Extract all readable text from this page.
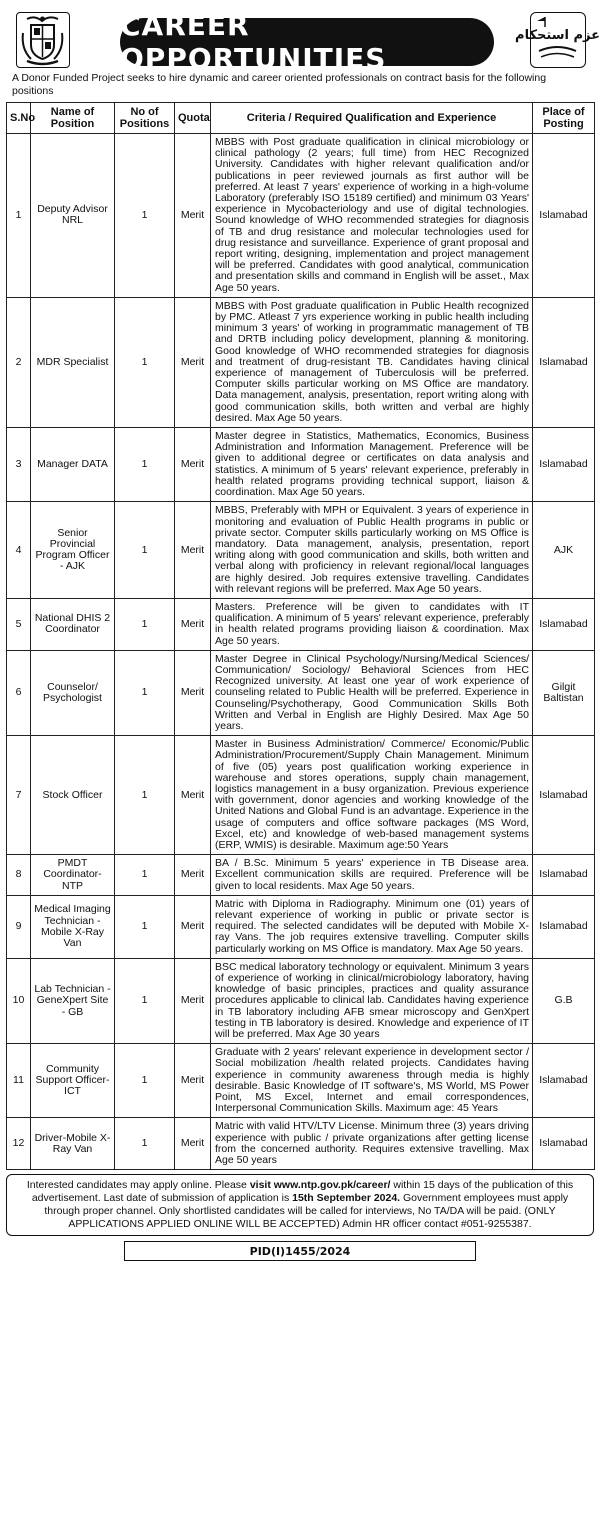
CAREER OPPORTUNITIES
عزم استحکام
A Donor Funded Project seeks to hire dynamic and career oriented professionals on contract basis for the following positions
S.No	Name of Position	No of Positions	Quota	Criteria / Required Qualification and Experience	Place of Posting
1	Deputy Advisor NRL	1	Merit	MBBS with Post graduate qualification in clinical microbiology or clinical pathology (2 years; full time) from HEC Recognized University. Candidates with higher relevant qualification and/or publications in peer reviewed journals as first author will be preferred. At least 7 years' experience of working in a high-volume Laboratory (preferably ISO 15189 certified) and minimum 03 Years' experience in Mycobacteriology and use of digital technologies. Sound knowledge of WHO recommended strategies for diagnosis of TB and drug resistance and molecular technologies used for drug resistance and surveillance. Experience of grant proposal and report writing, designing, implementation and project management will be preferred. Candidates with good analytical, communication and presentation skills and command in English will be asset., Max Age 50 years.	Islamabad
2	MDR Specialist	1	Merit	MBBS with Post graduate qualification in Public Health recognized by PMC. Atleast 7 yrs experience working in public health including minimum 3 years' of working in programmatic management of TB and DRTB including policy development, planning & monitoring. Good knowledge of WHO recommended strategies for diagnosis and treatment of drug-resistant TB. Candidates having clinical experience of management of Tuberculosis will be preferred. Computer skills particular working on MS Office are mandatory. Data management, analysis, presentation, report writing along with good communication skills, both written and verbal are highly desired. Max Age 50 years.	Islamabad
3	Manager DATA	1	Merit	Master degree in Statistics, Mathematics, Economics, Business Administration and Information Management. Preference will be given to additional degree or certificates on data analysis and statistics. A minimum of 5 years' relevant experience, preferably in health related programs providing technical support, liaison & coordination. Max Age 50 years.	Islamabad
4	Senior Provincial Program Officer - AJK	1	Merit	MBBS, Preferably with MPH or Equivalent. 3 years of experience in monitoring and evaluation of Public Health programs in public or private sector. Computer skills particularly working on MS Office is mandatory. Data management, analysis, presentation, report writing along with good communication and skills, both written and verbal along with proficiency in relevant regional/local languages are highly desired. Job requires extensive travelling. Candidates with relevant regions will be preferred. Max Age 50 years.	AJK
5	National DHIS 2 Coordinator	1	Merit	Masters. Preference will be given to candidates with IT qualification. A minimum of 5 years' relevant experience, preferably in health related programs providing liaison & coordination. Max Age 50 years.	Islamabad
6	Counselor/ Psychologist	1	Merit	Master Degree in Clinical Psychology/Nursing/Medical Sciences/ Communication/ Sociology/ Behavioral Sciences from HEC Recognized university. At least one year of work experience of counseling related to Public Health will be preferred. Experience in Counseling/Psychotherapy, Good Communication Skills Both Written and Verbal in English are Highly Desired. Max Age 50 years.	Gilgit Baltistan
7	Stock Officer	1	Merit	Master in Business Administration/ Commerce/ Economic/Public Administration/Procurement/Supply Chain Management. Minimum of five (05) years post qualification working experience in warehouse and stores operations, supply chain management, logistics management in a busy organization. Previous experience with government, donor agencies and working knowledge of the United Nations and Global Fund is an advantage. Experience in the usage of computers and office software packages (MS Word, Excel, etc) and knowledge of web-based management systems (ERP, WMIS) is desirable. Maximum age:50 Years	Islamabad
8	PMDT Coordinator- NTP	1	Merit	BA / B.Sc. Minimum 5 years' experience in TB Disease area. Excellent communication skills are required. Preference will be given to local residents. Max Age 50 years.	Islamabad
9	Medical Imaging Technician - Mobile X-Ray Van	1	Merit	Matric with Diploma in Radiography. Minimum one (01) years of relevant experience of working in public or private sector is required. The selected candidates will be deputed with Mobile X- ray Vans. The job requires extensive travelling. Computer skills particularly working on MS Office is mandatory. Max Age 50 years.	Islamabad
10	Lab Technician - GeneXpert Site - GB	1	Merit	BSC medical laboratory technology or equivalent. Minimum 3 years of experience of working in clinical/microbiology laboratory, having knowledge of basic principles, practices and quality assurance procedures applicable to clinical lab. Candidates having experience in TB laboratory including AFB smear microscopy and GenXpert testing in TB laboratory is desired. Knowledge and experience of IT will be preferred. Max Age 30 years	G.B
11	Community Support Officer- ICT	1	Merit	Graduate with 2 years' relevant experience in development sector / Social mobilization /health related projects. Candidates having experience in community awareness through media is highly desirable. Basic Knowledge of IT software's, MS World, MS Power Point, MS Excel, Internet and email correspondences, Interpersonal Communication Skills. Maximum age: 45 Years	Islamabad
12	Driver-Mobile X- Ray Van	1	Merit	Matric with valid HTV/LTV License. Minimum three (3) years driving experience with public / private organizations after getting license from the concerned authority. Requires extensive travelling. Max Age 50 years	Islamabad
Interested candidates may apply online. Please visit www.ntp.gov.pk/career/ within 15 days of the publication of this advertisement. Last date of submission of application is 15th September 2024. Government employees must apply through proper channel. Only shortlisted candidates will be called for interviews, No TA/DA will be paid. (ONLY APPLICATIONS APPLIED ONLINE WILL BE ACCEPTED) Admin HR officer contact #051-9255387.
PID(I)1455/2024
